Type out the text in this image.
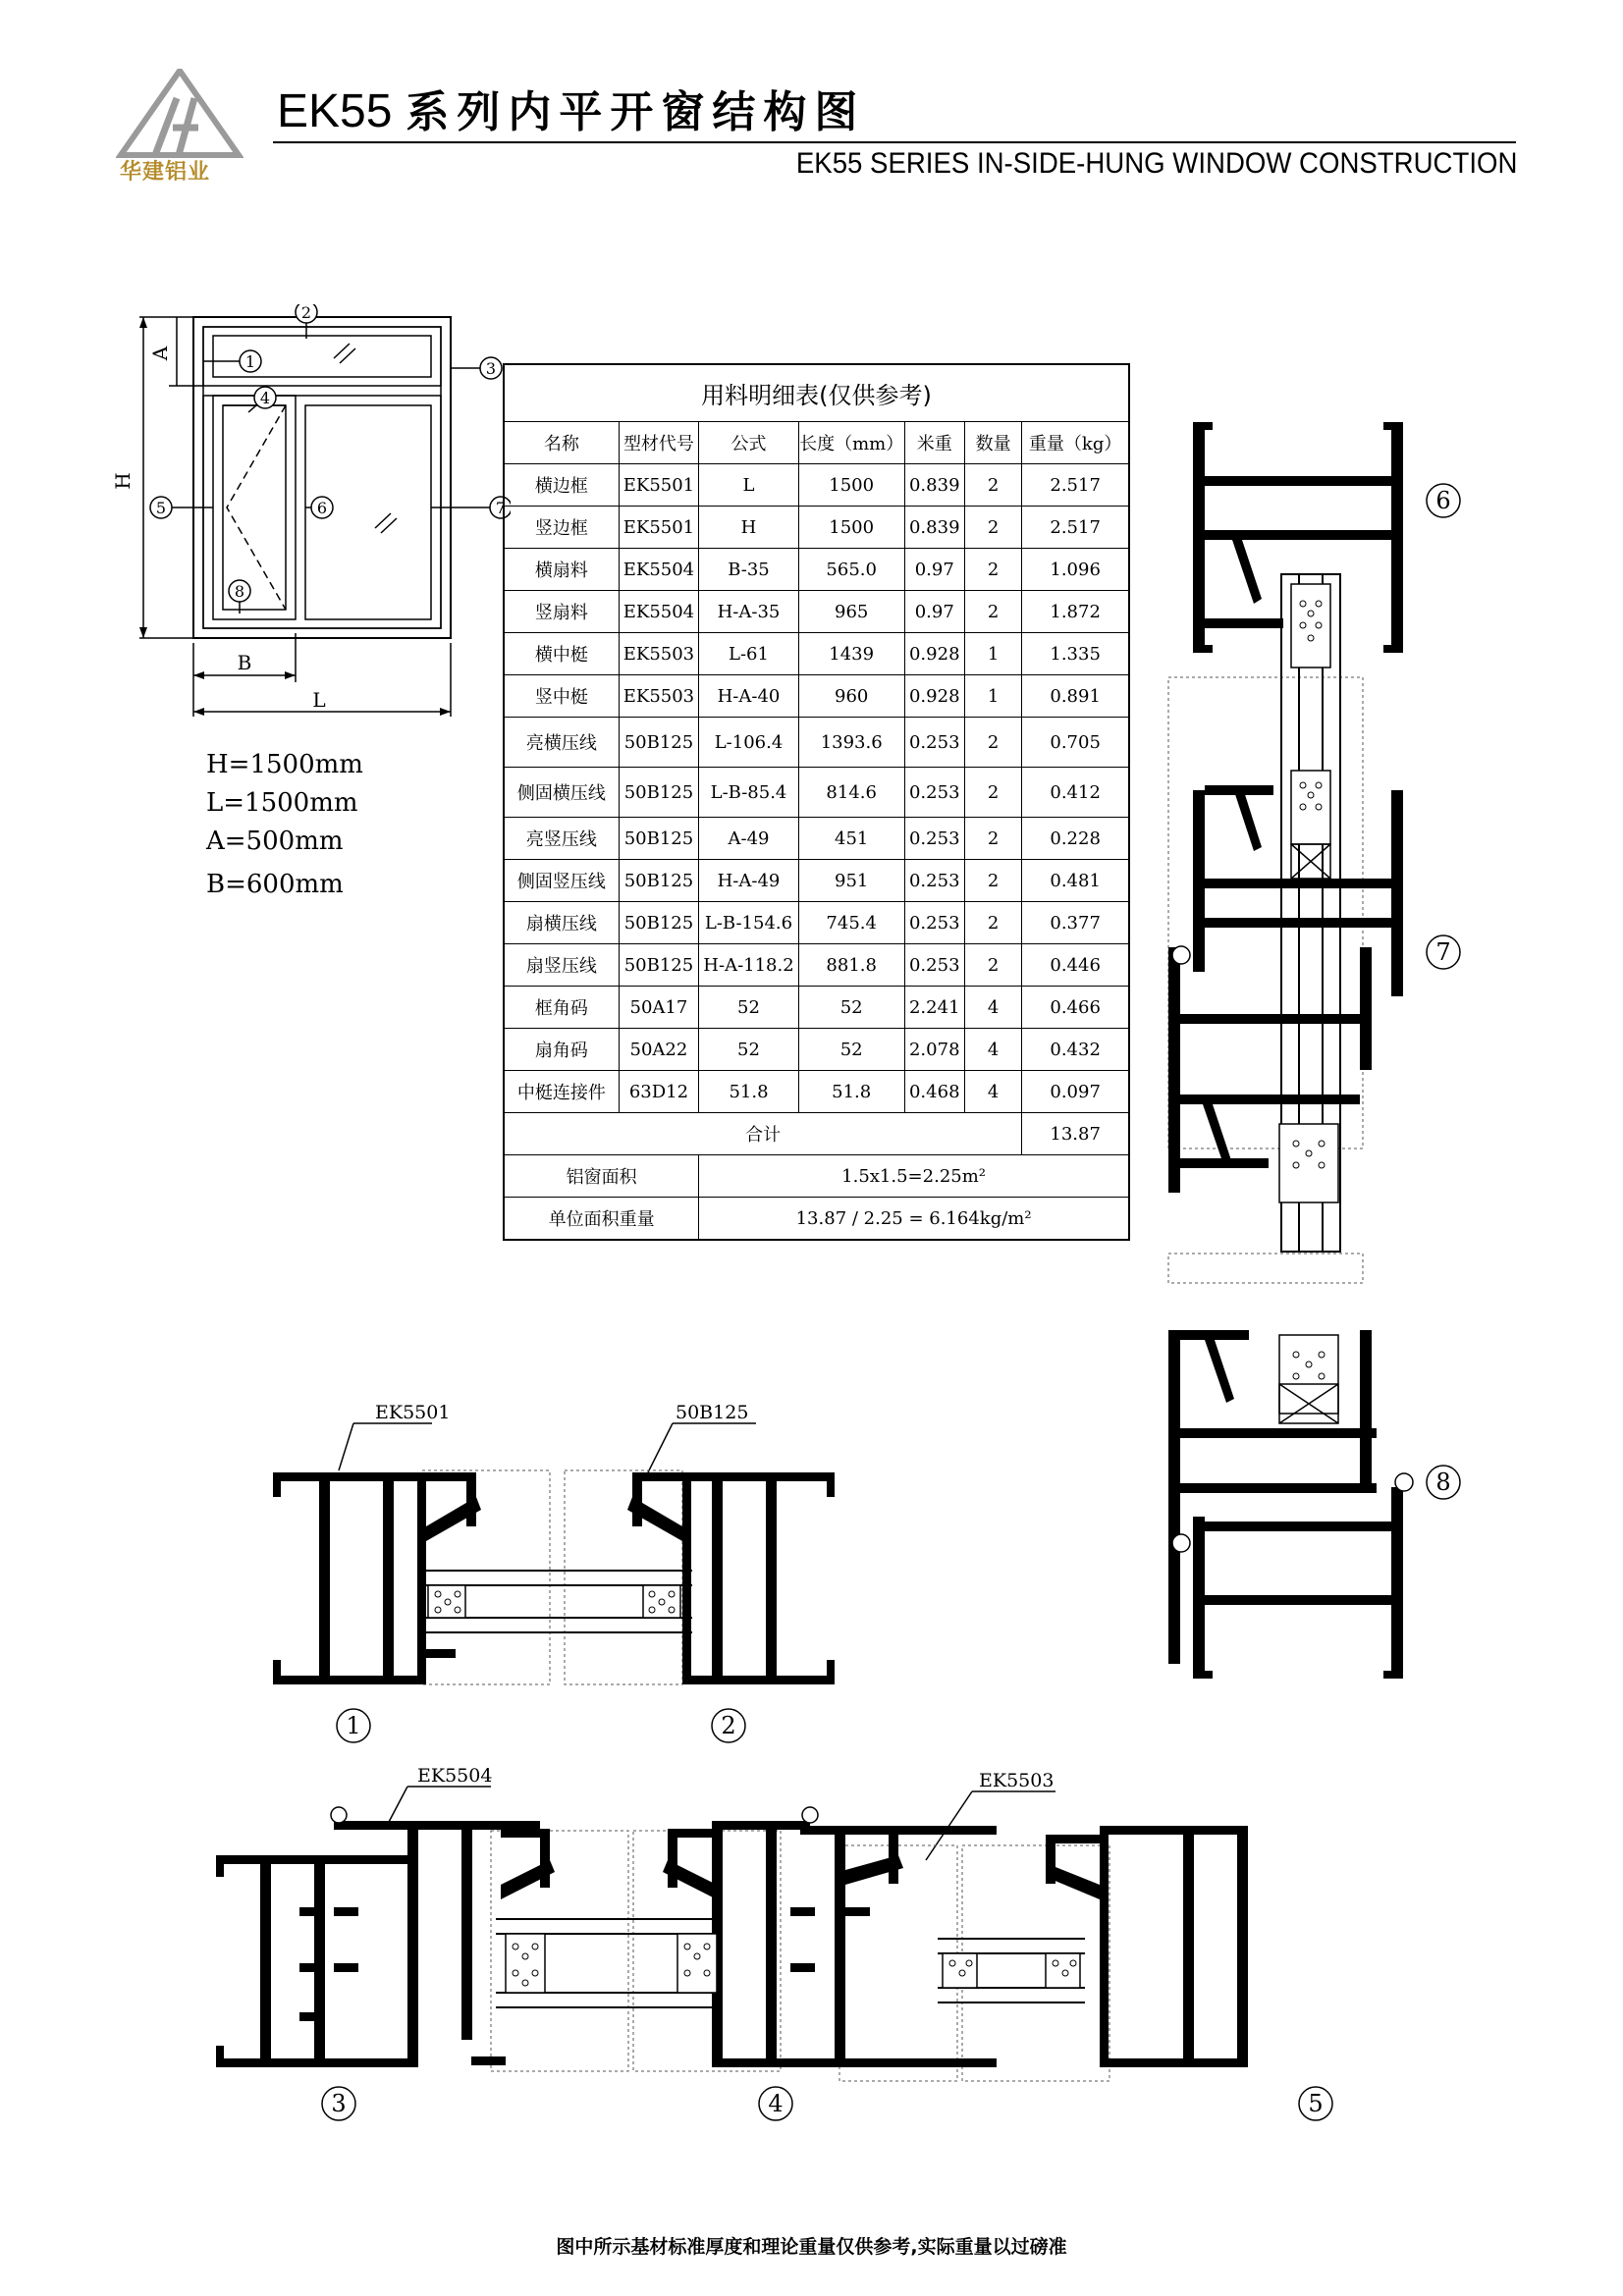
华建铝业
EK55 系列内平开窗结构图
EK55 SERIES IN-SIDE-HUNG WINDOW CONSTRUCTION
H
A
L
B
1
2
3
4
5	6	7
8
H=1500mm
L=1500mm
A=500mm
B=600mm
用料明细表(仅供参考)						
名称	型材代号	公式	长度（mm）	米重	数量	重量（kg）
横边框	EK5501	L	1500	0.839	2	2.517
竖边框	EK5501	H	1500	0.839	2	2.517
横扇料	EK5504	B-35	565.0	0.97	2	1.096
竖扇料	EK5504	H-A-35	965	0.97	2	1.872
横中梃	EK5503	L-61	1439	0.928	1	1.335
竖中梃	EK5503	H-A-40	960	0.928	1	0.891
亮横压线	50B125	L-106.4	1393.6	0.253	2	0.705
侧固横压线	50B125	L-B-85.4	814.6	0.253	2	0.412
亮竖压线	50B125	A-49	451	0.253	2	0.228
侧固竖压线	50B125	H-A-49	951	0.253	2	0.481
扇横压线	50B125	L-B-154.6	745.4	0.253	2	0.377
扇竖压线	50B125	H-A-118.2	881.8	0.253	2	0.446
框角码	50A17	52	52	2.241	4	0.466
扇角码	50A22	52	52	2.078	4	0.432
中梃连接件	63D12	51.8	51.8	0.468	4	0.097
合计						13.87
铝窗面积		1.5x1.5=2.25m²				
单位面积重量		13.87 / 2.25 = 6.164kg/m²				
6
7
8
EK5501	50B125
1	2
EK5504	EK5503
3	4	5
图中所示基材标准厚度和理论重量仅供参考,实际重量以过磅准
